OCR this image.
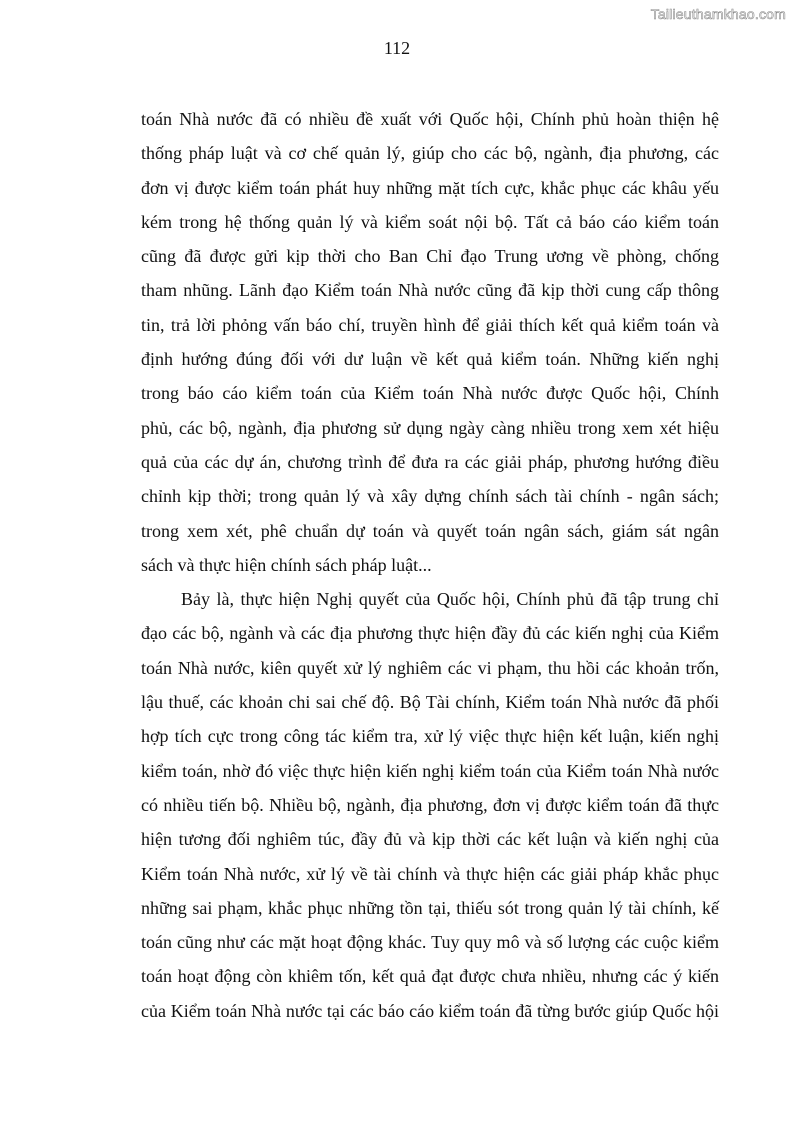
Tailieuthamkhao.com
112
toán Nhà nước đã có nhiều đề xuất với Quốc hội, Chính phủ hoàn thiện hệ
thống pháp luật và cơ chế quản lý, giúp cho các bộ, ngành, địa phương, các
đơn vị được kiểm toán phát huy những mặt tích cực, khắc phục các khâu yếu
kém trong hệ thống quản lý và kiểm soát nội bộ. Tất cả báo cáo kiểm toán
cũng đã được gửi kịp thời cho Ban Chỉ đạo Trung ương về phòng, chống
tham nhũng. Lãnh đạo Kiểm toán Nhà nước cũng đã kịp thời cung cấp thông
tin, trả lời phỏng vấn báo chí, truyền hình để giải thích kết quả kiểm toán và
định hướng đúng đối với dư luận về kết quả kiểm toán. Những kiến nghị
trong báo cáo kiểm toán của Kiểm toán Nhà nước được Quốc hội, Chính
phủ, các bộ, ngành, địa phương sử dụng ngày càng nhiều trong xem xét hiệu
quả của các dự án, chương trình để đưa ra các giải pháp, phương hướng điều
chỉnh kịp thời; trong quản lý và xây dựng chính sách tài chính - ngân sách;
trong xem xét, phê chuẩn dự toán và quyết toán ngân sách, giám sát ngân
sách và thực hiện chính sách pháp luật...
Bảy là, thực hiện Nghị quyết của Quốc hội, Chính phủ đã tập trung chỉ
đạo các bộ, ngành và các địa phương thực hiện đầy đủ các kiến nghị của Kiểm
toán Nhà nước, kiên quyết xử lý nghiêm các vi phạm, thu hồi các khoản trốn,
lậu thuế, các khoản chi sai chế độ. Bộ Tài chính, Kiểm toán Nhà nước đã phối
hợp tích cực trong công tác kiểm tra, xử lý việc thực hiện kết luận, kiến nghị
kiểm toán, nhờ đó việc thực hiện kiến nghị kiểm toán của Kiểm toán Nhà nước
có nhiều tiến bộ. Nhiều bộ, ngành, địa phương, đơn vị được kiểm toán đã thực
hiện tương đối nghiêm túc, đầy đủ và kịp thời các kết luận và kiến nghị của
Kiểm toán Nhà nước, xử lý về tài chính và thực hiện các giải pháp khắc phục
những sai phạm, khắc phục những tồn tại, thiếu sót trong quản lý tài chính, kế
toán cũng như các mặt hoạt động khác. Tuy quy mô và số lượng các cuộc kiểm
toán hoạt động còn khiêm tốn, kết quả đạt được chưa nhiều, nhưng các ý kiến
của Kiểm toán Nhà nước tại các báo cáo kiểm toán đã từng bước giúp Quốc hội
